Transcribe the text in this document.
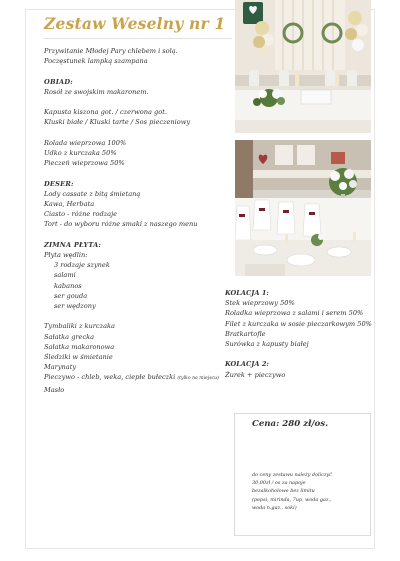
Zestaw Weselny nr 1

Przywitanie Młodej Pary chlebem i solą.

Poczęstunek lampką szampana

OBIAD:

Rosół ze swojskim makaronem.

Kapusta kiszona got. / czerwona got.

Kluski białe / Kluski tarte / Sos pieczeniowy

Rolada wieprzowa 100%

Udko z kurczaka 50%

Pieczeń wieprzowa 50%

DESER:

Lody cassate z bitą śmietaną

Kawa, Herbata

Ciasto - różne rodzaje

Tort - do wyboru różne smaki z naszego menu

ZIMNA PŁYTA:

Płyta wędlin:

3 rodzaje szynek

salami

kabanos

ser gouda

ser wędzony

Tymbaliki z kurczaka

Sałatka grecka

Sałatka makaronowa

Śledziki w śmietanie

Marynaty

Pieczywo - chleb, weka, ciepłe bułeczki (tylko na miejscu)

Masło

KOLACJA 1:

Stek wieprzowy 50%

Roladka wieprzowa z salami i serem 50%

Filet z kurczaka w sosie pieczarkowym 50%

Bratkartofle

Surówka z kapusty białej

KOLACJA 2:

Żurek + pieczywo

Cena: 280 zł/os.

do ceny zestawu należy doliczyć

30,00zł / os za napoje

bezalkoholowe bez limitu

(pepsi, mirinda, 7up, woda gaz.,

woda n.gaz., soki)
